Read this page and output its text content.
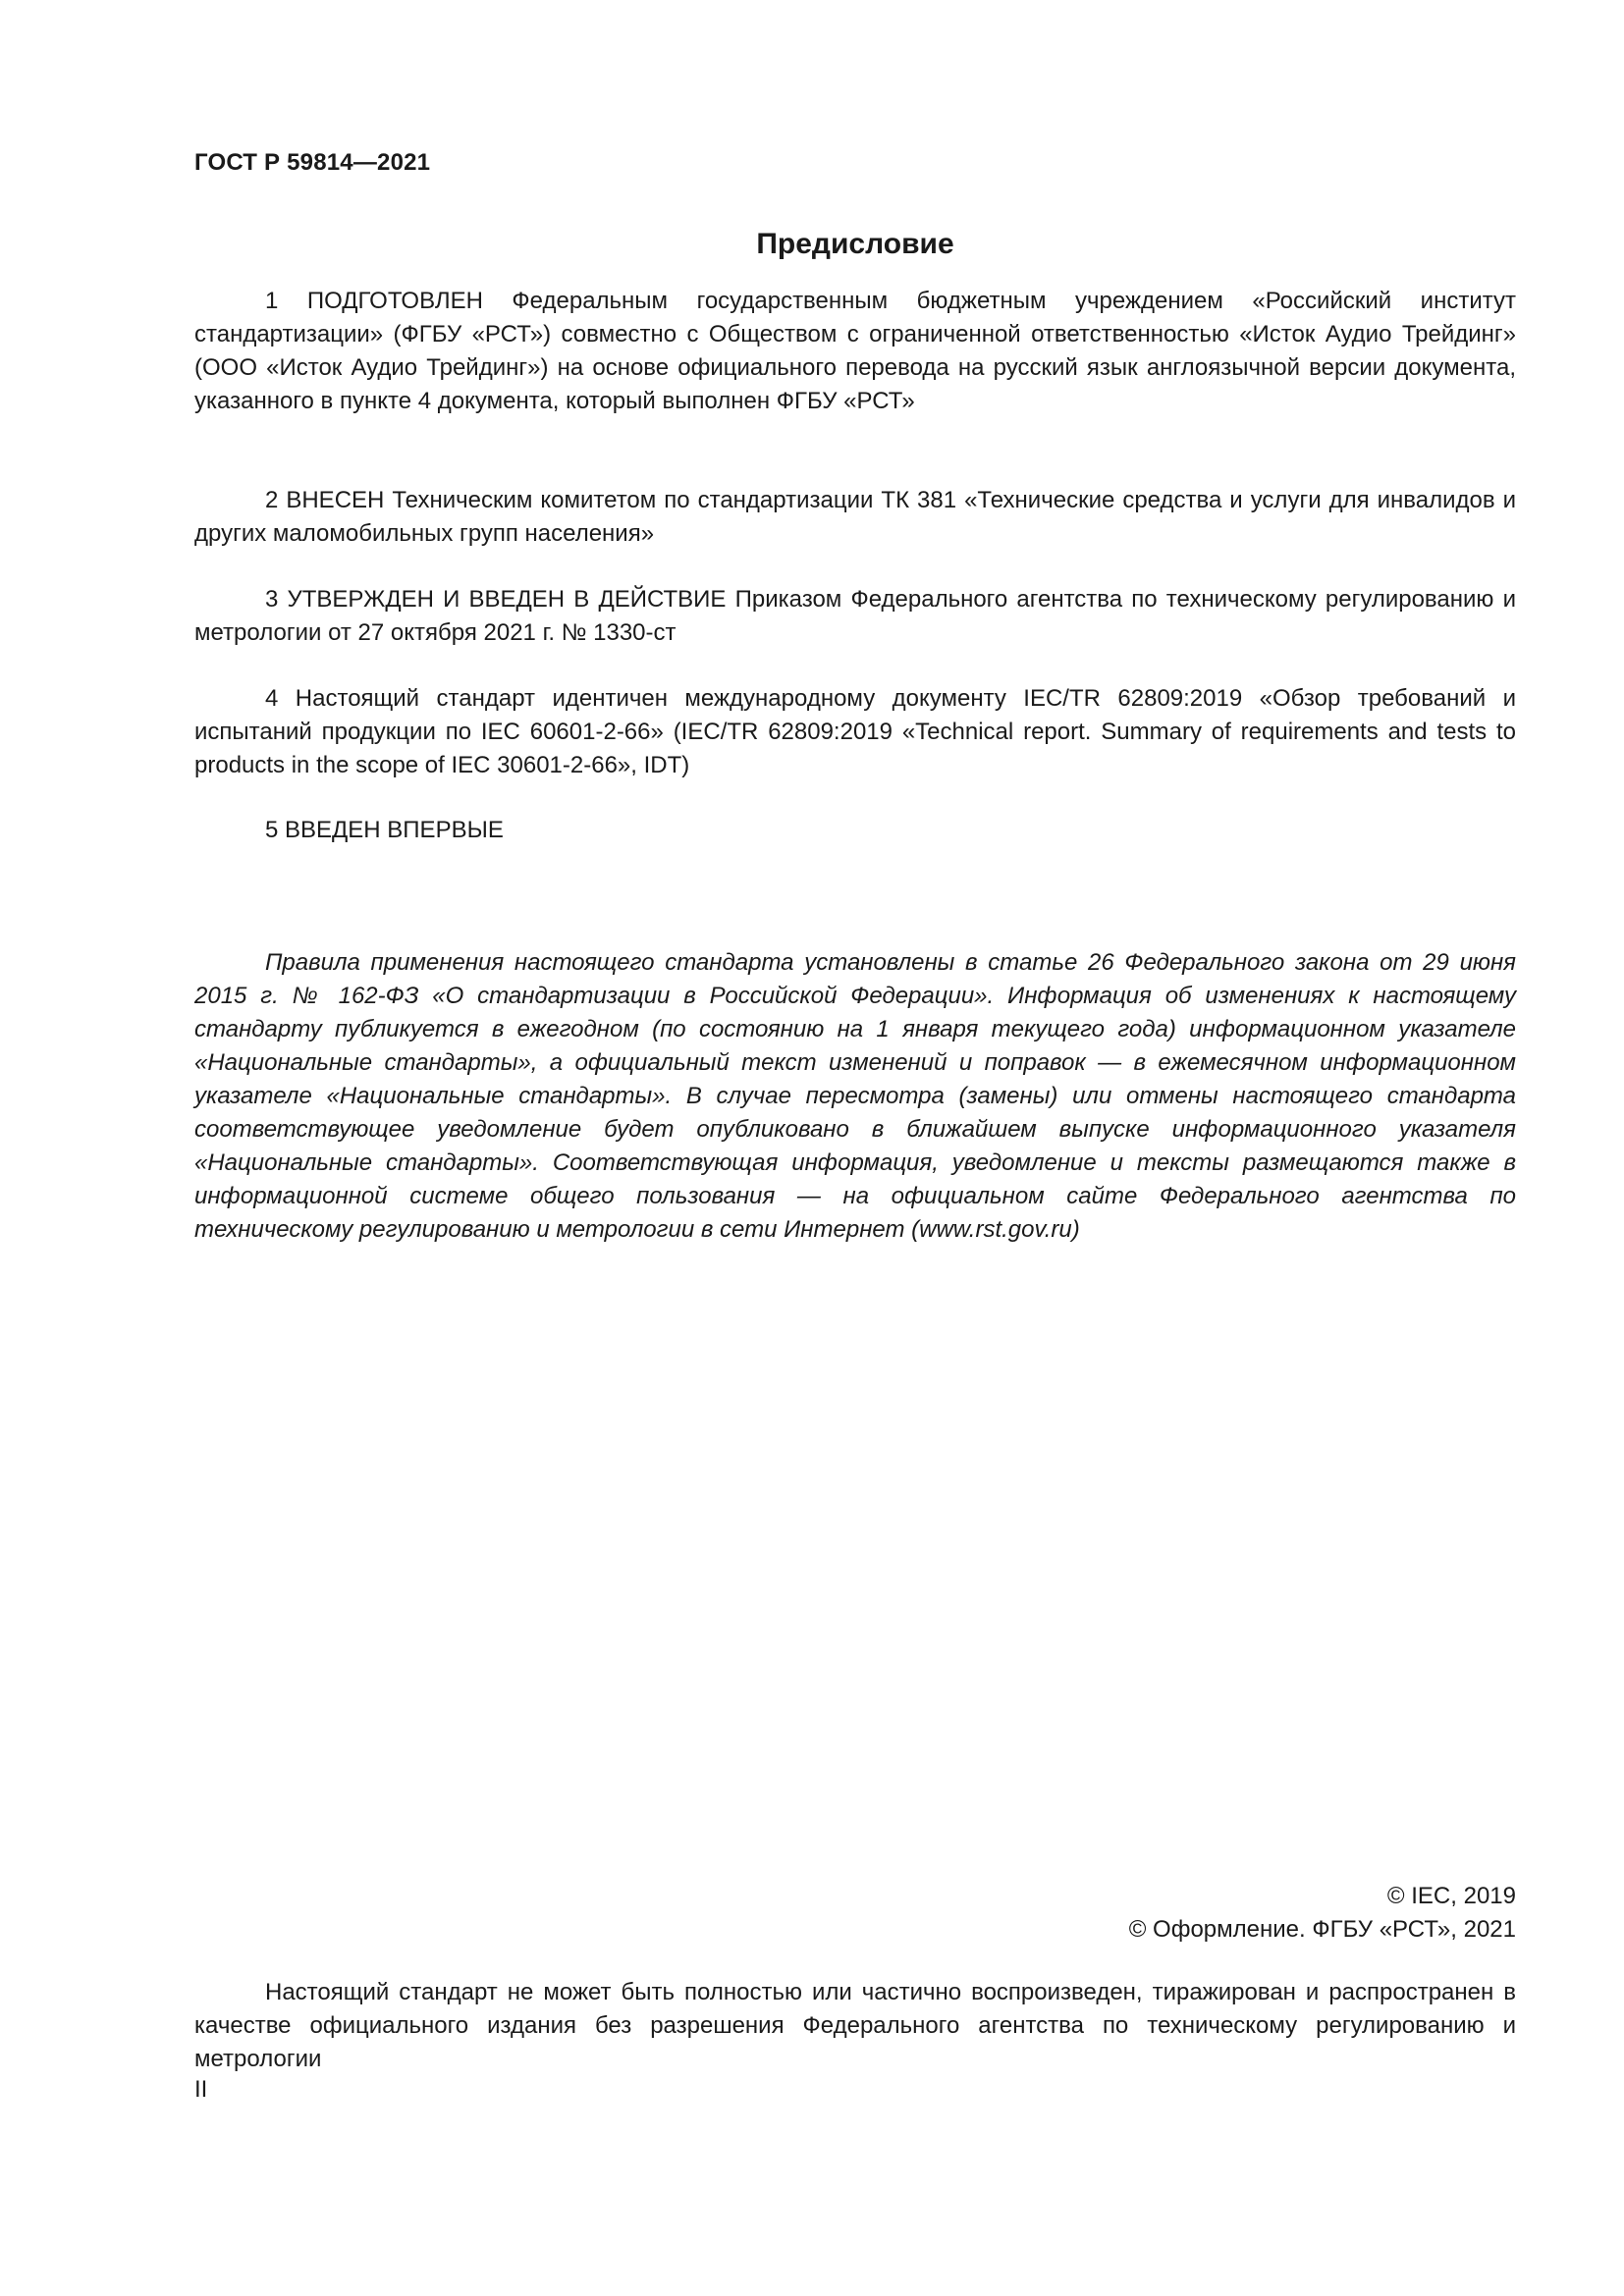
ГОСТ Р 59814—2021
Предисловие

1 ПОДГОТОВЛЕН Федеральным государственным бюджетным учреждением «Российский институт стандартизации» (ФГБУ «РСТ») совместно с Обществом с ограниченной ответственностью «Исток Аудио Трейдинг» (ООО «Исток Аудио Трейдинг») на основе официального перевода на русский язык англоязычной версии документа, указанного в пункте 4 документа, который выполнен ФГБУ «РСТ»

2 ВНЕСЕН Техническим комитетом по стандартизации ТК 381 «Технические средства и услуги для инвалидов и других маломобильных групп населения»

3 УТВЕРЖДЕН И ВВЕДЕН В ДЕЙСТВИЕ Приказом Федерального агентства по техническому регулированию и метрологии от 27 октября 2021 г. № 1330-ст

4 Настоящий стандарт идентичен международному документу IEC/TR 62809:2019 «Обзор требований и испытаний продукции по IEC 60601-2-66» (IEC/TR 62809:2019 «Technical report. Summary of requirements and tests to products in the scope of IEC 30601-2-66», IDT)

5 ВВЕДЕН ВПЕРВЫЕ

Правила применения настоящего стандарта установлены в статье 26 Федерального закона от 29 июня 2015 г. № 162-ФЗ «О стандартизации в Российской Федерации». Информация об изменениях к настоящему стандарту публикуется в ежегодном (по состоянию на 1 января текущего года) информационном указателе «Национальные стандарты», а официальный текст изменений и поправок — в ежемесячном информационном указателе «Национальные стандарты». В случае пересмотра (замены) или отмены настоящего стандарта соответствующее уведомление будет опубликовано в ближайшем выпуске информационного указателя «Национальные стандарты». Соответствующая информация, уведомление и тексты размещаются также в информационной системе общего пользования — на официальном сайте Федерального агентства по техническому регулированию и метрологии в сети Интернет (www.rst.gov.ru)

© IEC, 2019
© Оформление. ФГБУ «РСТ», 2021

Настоящий стандарт не может быть полностью или частично воспроизведен, тиражирован и распространен в качестве официального издания без разрешения Федерального агентства по техническому регулированию и метрологии

II
